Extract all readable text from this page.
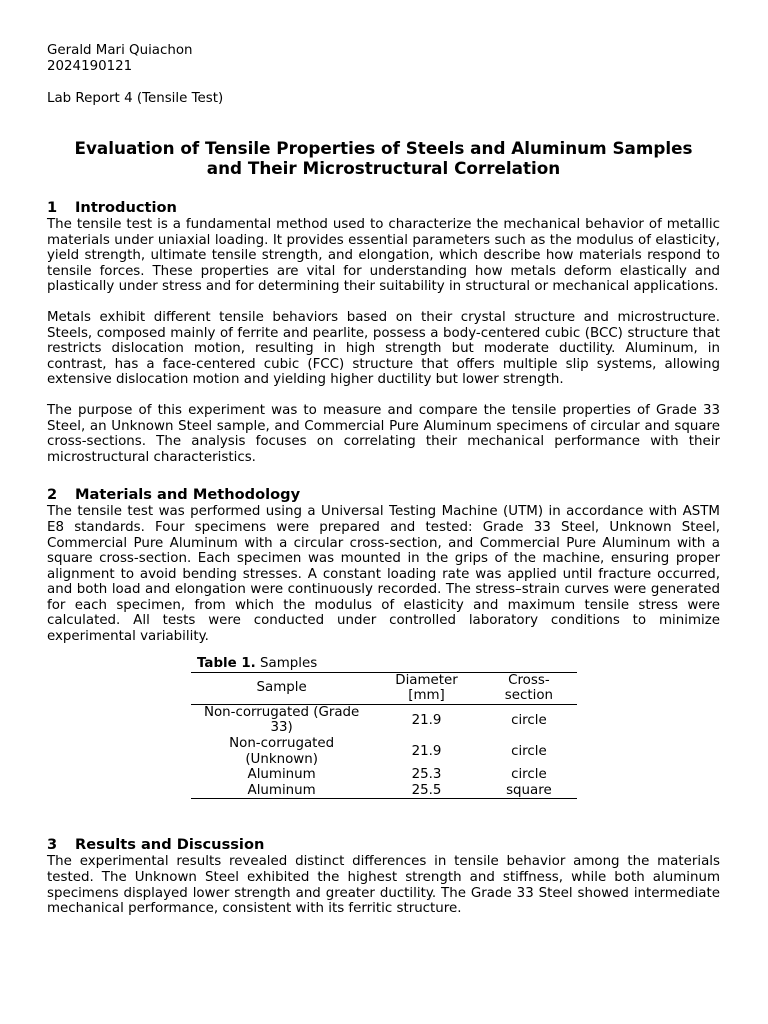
Gerald Mari Quiachon
2024190121
Lab Report 4 (Tensile Test)
Evaluation of Tensile Properties of Steels and Aluminum Samples
and Their Microstructural Correlation
1 Introduction

The tensile test is a fundamental method used to characterize the mechanical behavior of metallic materials under uniaxial loading. It provides essential parameters such as the modulus of elasticity, yield strength, ultimate tensile strength, and elongation, which describe how materials respond to tensile forces. These properties are vital for understanding how metals deform elastically and plastically under stress and for determining their suitability in structural or mechanical applications.

Metals exhibit different tensile behaviors based on their crystal structure and microstructure. Steels, composed mainly of ferrite and pearlite, possess a body-centered cubic (BCC) structure that restricts dislocation motion, resulting in high strength but moderate ductility. Aluminum, in contrast, has a face-centered cubic (FCC) structure that offers multiple slip systems, allowing extensive dislocation motion and yielding higher ductility but lower strength.

The purpose of this experiment was to measure and compare the tensile properties of Grade 33 Steel, an Unknown Steel sample, and Commercial Pure Aluminum specimens of circular and square cross-sections. The analysis focuses on correlating their mechanical performance with their microstructural characteristics.

2 Materials and Methodology

The tensile test was performed using a Universal Testing Machine (UTM) in accordance with ASTM E8 standards. Four specimens were prepared and tested: Grade 33 Steel, Unknown Steel, Commercial Pure Aluminum with a circular cross-section, and Commercial Pure Aluminum with a square cross-section. Each specimen was mounted in the grips of the machine, ensuring proper alignment to avoid bending stresses. A constant loading rate was applied until fracture occurred, and both load and elongation were continuously recorded. The stress–strain curves were generated for each specimen, from which the modulus of elasticity and maximum tensile stress were calculated. All tests were conducted under controlled laboratory conditions to minimize experimental variability.

Table 1. Samples
Sample	Diameter [mm]	Cross-section
Non-corrugated (Grade 33)	21.9	circle
Non-corrugated (Unknown)	21.9	circle
Aluminum	25.3	circle
Aluminum	25.5	square
3 Results and Discussion

The experimental results revealed distinct differences in tensile behavior among the materials tested. The Unknown Steel exhibited the highest strength and stiffness, while both aluminum specimens displayed lower strength and greater ductility. The Grade 33 Steel showed intermediate mechanical performance, consistent with its ferritic structure.
